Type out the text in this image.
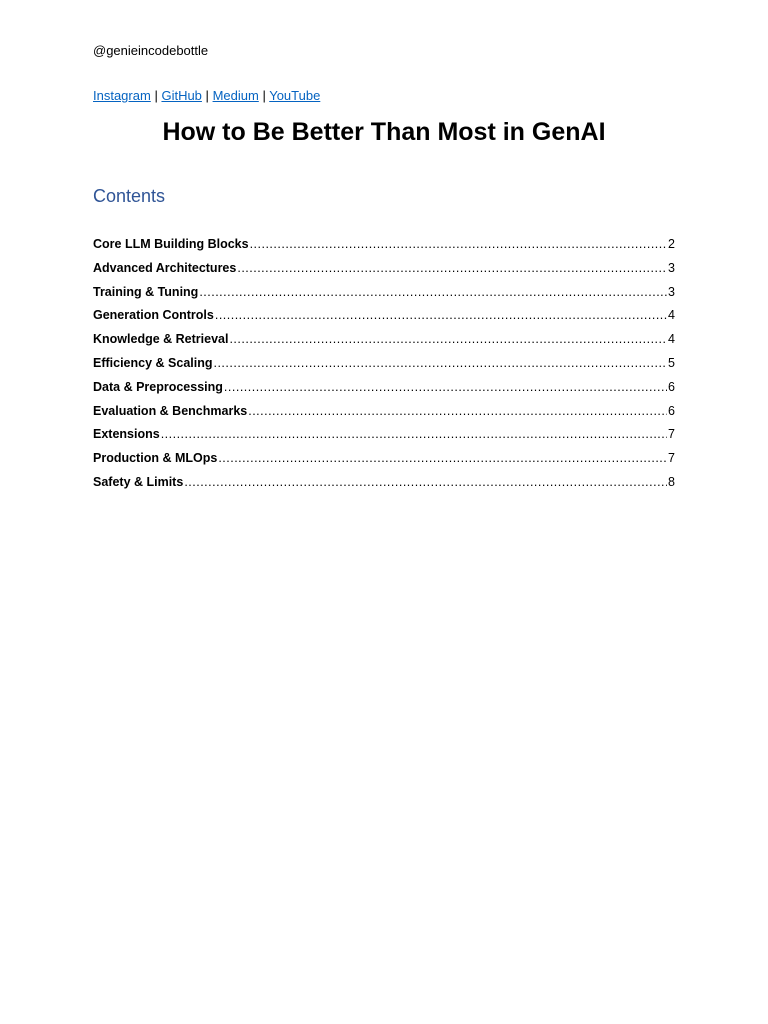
@genieincodebottle
Instagram | GitHub | Medium | YouTube
How to Be Better Than Most in GenAI
Contents
Core LLM Building Blocks .....	2
Advanced Architectures .....	3
Training & Tuning .....	3
Generation Controls .....	4
Knowledge & Retrieval .....	4
Efficiency & Scaling .....	5
Data & Preprocessing .....	6
Evaluation & Benchmarks .....	6
Extensions .....	7
Production & MLOps .....	7
Safety & Limits .....	8
